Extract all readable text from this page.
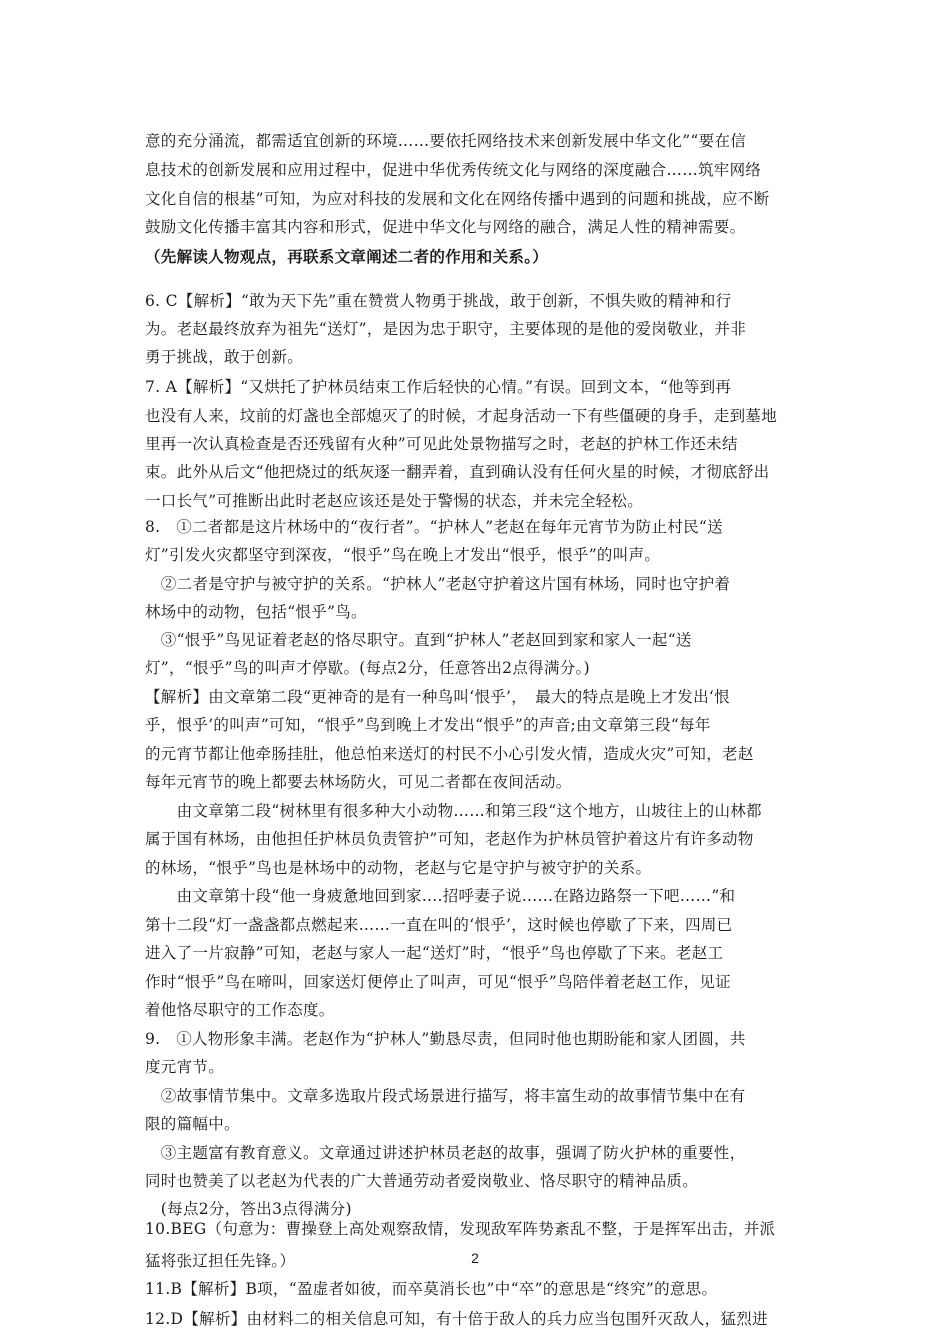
意的充分涌流，都需适宜创新的环境……要依托网络技术来创新发展中华文化”“要在信

息技术的创新发展和应用过程中，促进中华优秀传统文化与网络的深度融合……筑牢网络

文化自信的根基”可知，为应对科技的发展和文化在网络传播中遇到的问题和挑战，应不断

鼓励文化传播丰富其内容和形式，促进中华文化与网络的融合，满足人性的精神需要。

（先解读人物观点，再联系文章阐述二者的作用和关系。）

6. C【解析】“敢为天下先”重在赞赏人物勇于挑战，敢于创新，不惧失败的精神和行

为。老赵最终放弃为祖先“送灯”，是因为忠于职守，主要体现的是他的爱岗敬业，并非

勇于挑战，敢于创新。

7. A【解析】“又烘托了护林员结束工作后轻快的心情。”有误。回到文本，“他等到再

也没有人来，坟前的灯盏也全部熄灭了的时候，才起身活动一下有些僵硬的身手，走到墓地

里再一次认真检查是否还残留有火种”可见此处景物描写之时，老赵的护林工作还未结

束。此外从后文“他把烧过的纸灰逐一翻弄着，直到确认没有任何火星的时候，才彻底舒出

一口长气”可推断出此时老赵应该还是处于警惕的状态，并未完全轻松。

8.　①二者都是这片林场中的“夜行者”。“护林人”老赵在每年元宵节为防止村民“送

灯”引发火灾都坚守到深夜，“恨乎”鸟在晚上才发出“恨乎，恨乎”的叫声。

　②二者是守护与被守护的关系。“护林人”老赵守护着这片国有林场，同时也守护着

林场中的动物，包括“恨乎”鸟。

　③“恨乎”鸟见证着老赵的恪尽职守。直到“护林人”老赵回到家和家人一起“送

灯”，“恨乎”鸟的叫声才停歇。(每点2分，任意答出2点得满分。)

【解析】由文章第二段“更神奇的是有一种鸟叫‘恨乎’，　最大的特点是晚上才发出‘恨

乎，恨乎’的叫声”可知，“恨乎”鸟到晚上才发出“恨乎”的声音;由文章第三段“每年

的元宵节都让他牵肠挂肚，他总怕来送灯的村民不小心引发火情，造成火灾”可知，老赵

每年元宵节的晚上都要去林场防火，可见二者都在夜间活动。

　　由文章第二段“树林里有很多种大小动物……和第三段“这个地方，山坡往上的山林都

属于国有林场，由他担任护林员负责管护”可知，老赵作为护林员管护着这片有许多动物

的林场，“恨乎”鸟也是林场中的动物，老赵与它是守护与被守护的关系。

　　由文章第十段“他一身疲惫地回到家....招呼妻子说……在路边路祭一下吧……”和

第十二段“灯一盏盏都点燃起来……一直在叫的‘恨乎’，这时候也停歇了下来，四周已

进入了一片寂静”可知，老赵与家人一起“送灯”时，“恨乎”鸟也停歇了下来。老赵工

作时“恨乎”鸟在啼叫，回家送灯便停止了叫声，可见“恨乎”鸟陪伴着老赵工作，见证

着他恪尽职守的工作态度。

9.　①人物形象丰满。老赵作为“护林人”勤恳尽责，但同时他也期盼能和家人团圆，共

度元宵节。

　②故事情节集中。文章多选取片段式场景进行描写，将丰富生动的故事情节集中在有

限的篇幅中。

　③主题富有教育意义。文章通过讲述护林员老赵的故事，强调了防火护林的重要性，

同时也赞美了以老赵为代表的广大普通劳动者爱岗敬业、恪尽职守的精神品质。

　(每点2分，答出3点得满分)

10.BEG（句意为：曹操登上高处观察敌情，发现敌军阵势紊乱不整，于是挥军出击，并派

猛将张辽担任先锋。）

11.B【解析】B项，“盈虚者如彼，而卒莫消长也”中“卒”的意思是“终究”的意思。

12.D【解析】由材料二的相关信息可知，有十倍于敌人的兵力应当包围歼灭敌人，猛烈进

2
